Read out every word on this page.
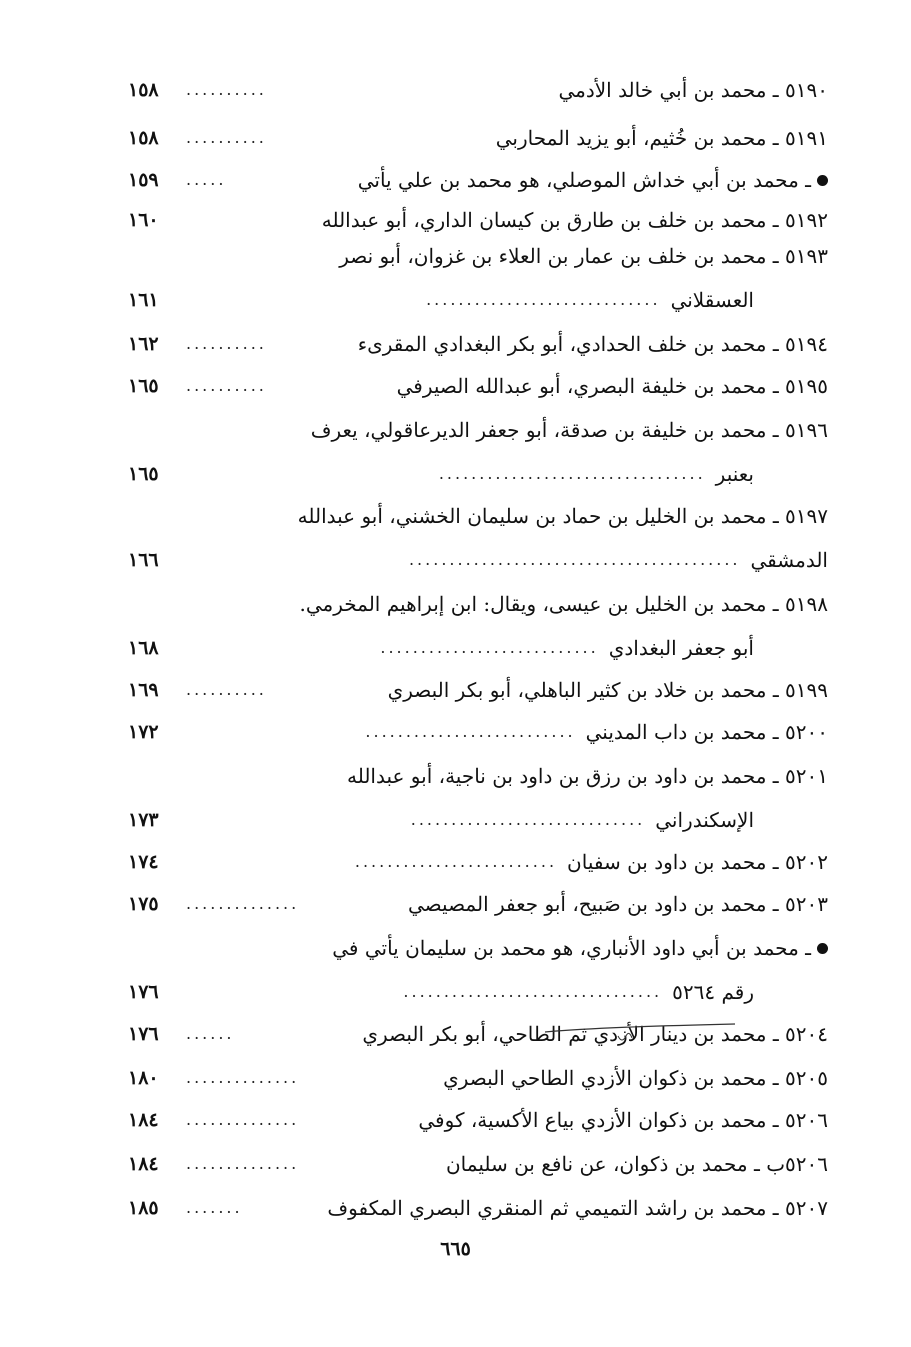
٥١٩٠ ـ محمد بن أبي خالد الأدمي
..........
١٥٨
٥١٩١ ـ محمد بن خُثيم، أبو يزيد المحاربي
..........
١٥٨
ـ محمد بن أبي خداش الموصلي، هو محمد بن علي يأتي
.....
١٥٩
٥١٩٢ ـ محمد بن خلف بن طارق بن كيسان الداري، أبو عبدالله
١٦٠
٥١٩٣ ـ محمد بن خلف بن عمار بن العلاء بن غزوان، أبو نصر
العسقلاني
.............................
١٦١
٥١٩٤ ـ محمد بن خلف الحدادي، أبو بكر البغدادي المقرىء
..........
١٦٢
٥١٩٥ ـ محمد بن خليفة البصري، أبو عبدالله الصيرفي
..........
١٦٥
٥١٩٦ ـ محمد بن خليفة بن صدقة، أبو جعفر الديرعاقولي، يعرف
بعنبر
.................................
١٦٥
٥١٩٧ ـ محمد بن الخليل بن حماد بن سليمان الخشني، أبو عبدالله
الدمشقي
.........................................
١٦٦
٥١٩٨ ـ محمد بن الخليل بن عيسى، ويقال: ابن إبراهيم المخرمي.
أبو جعفر البغدادي
...........................
١٦٨
٥١٩٩ ـ محمد بن خلاد بن كثير الباهلي، أبو بكر البصري
..........
١٦٩
٥٢٠٠ ـ محمد بن داب المديني
..........................
١٧٢
٥٢٠١ ـ محمد بن داود بن رزق بن داود بن ناجية، أبو عبدالله
الإسكندراني
.............................
١٧٣
٥٢٠٢ ـ محمد بن داود بن سفيان
.........................
١٧٤
٥٢٠٣ ـ محمد بن داود بن صَبيح، أبو جعفر المصيصي
..............
١٧٥
ـ محمد بن أبي داود الأنباري، هو محمد بن سليمان يأتي في
رقم ٥٢٦٤
................................
١٧٦
٥٢٠٤ ـ محمد بن دينار الأزدي ثم الطاحي، أبو بكر البصري
......
١٧٦
٥٢٠٥ ـ محمد بن ذكوان الأزدي الطاحي البصري
..............
١٨٠
٥٢٠٦ ـ محمد بن ذكوان الأزدي بياع الأكسية، كوفي
..............
١٨٤
٥٢٠٦ب ـ محمد بن ذكوان، عن نافع بن سليمان
..............
١٨٤
٥٢٠٧ ـ محمد بن راشد التميمي ثم المنقري البصري المكفوف
.......
١٨٥
٦٦٥
